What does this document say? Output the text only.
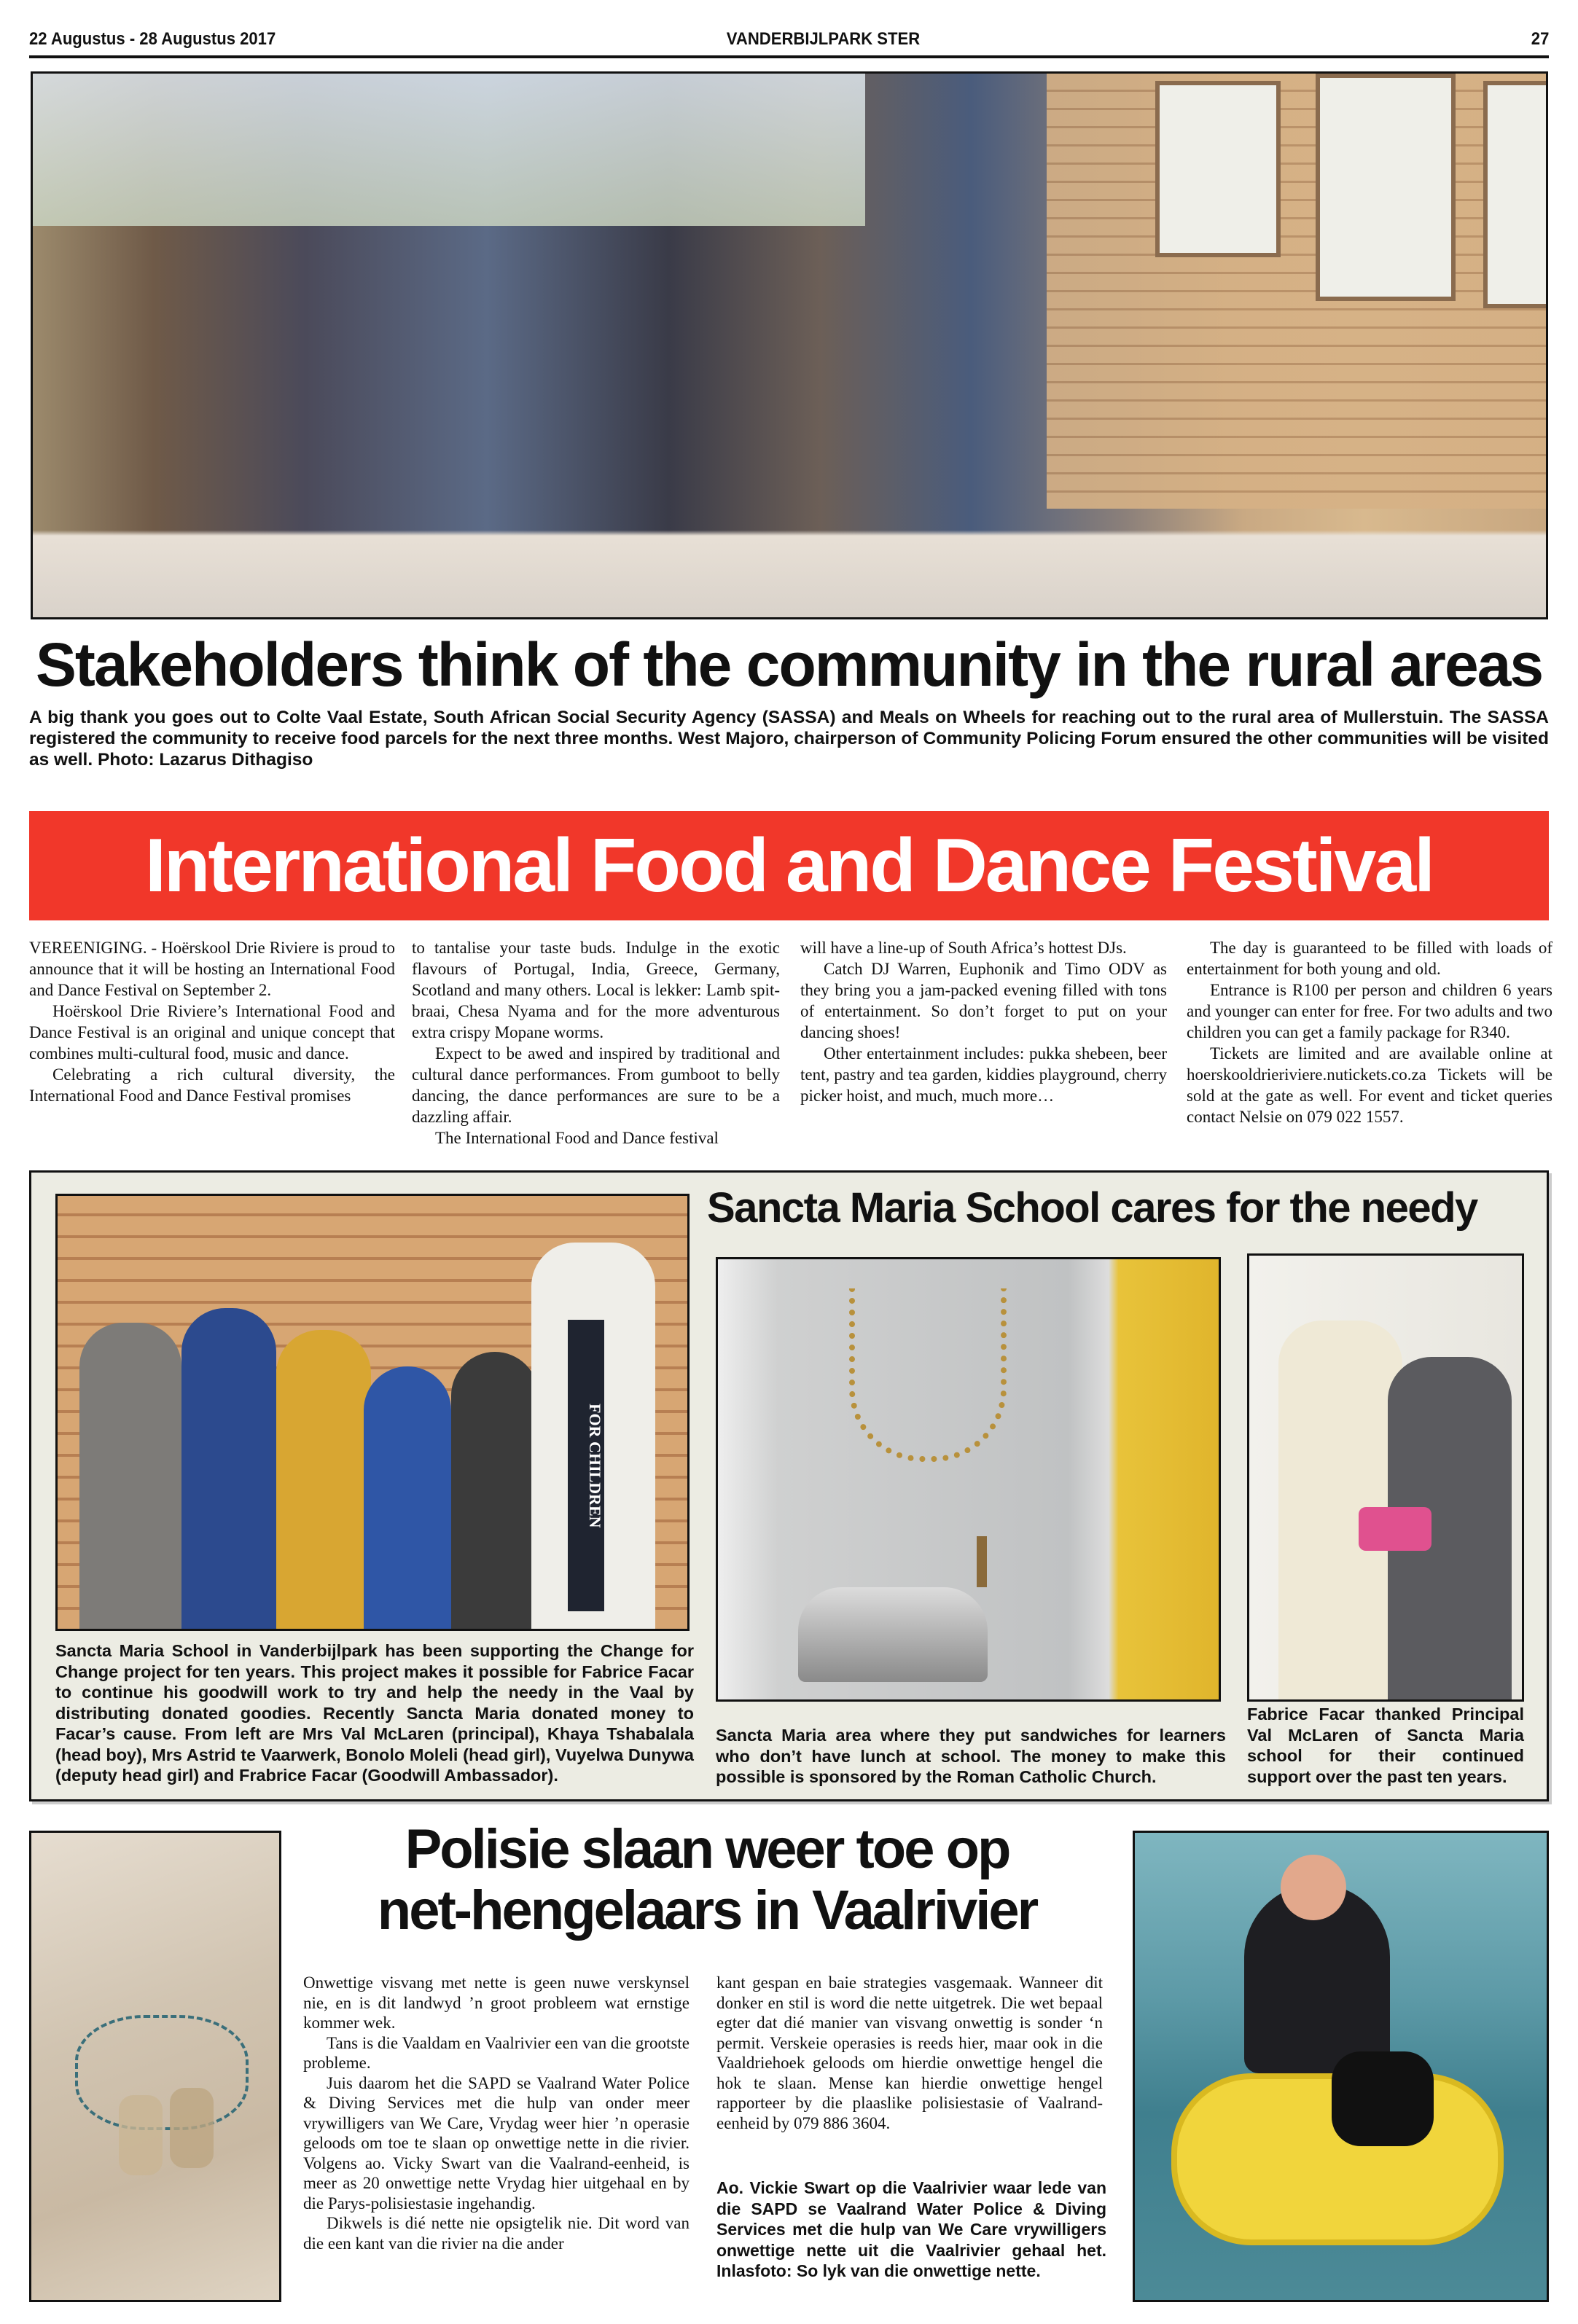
22 Augustus - 28 Augustus 2017	VANDERBIJLPARK STER	27
Stakeholders think of the community in the rural areas
A big thank you goes out to Colte Vaal Estate, South African Social Security Agency (SASSA) and Meals on Wheels for reaching out to the rural area of Mullerstuin. The SASSA registered the community to receive food parcels for the next three months. West Majoro, chairperson of Community Policing Forum ensured the other communities will be visited as well. Photo: Lazarus Dithagiso
International Food and Dance Festival

VEREENIGING. - Hoërskool Drie Riviere is proud to announce that it will be hosting an International Food and Dance Festival on September 2.

Hoërskool Drie Riviere’s International Food and Dance Festival is an original and unique concept that combines multi-cultural food, music and dance.

Celebrating a rich cultural diversity, the International Food and Dance Festival promises

to tantalise your taste buds. Indulge in the exotic flavours of Portugal, India, Greece, Germany, Scotland and many others. Local is lekker: Lamb spit-braai, Chesa Nyama and for the more adventurous extra crispy Mopane worms.

Expect to be awed and inspired by traditional and cultural dance performances. From gumboot to belly dancing, the dance performances are sure to be a dazzling affair.

The International Food and Dance festival

will have a line-up of South Africa’s hottest DJs.

Catch DJ Warren, Euphonik and Timo ODV as they bring you a jam-packed evening filled with tons of entertainment. So don’t forget to put on your dancing shoes!

Other entertainment includes: pukka shebeen, beer tent, pastry and tea garden, kiddies playground, cherry picker hoist, and much, much more…

The day is guaranteed to be filled with loads of entertainment for both young and old.

Entrance is R100 per person and children 6 years and younger can enter for free. For two adults and two children you can get a family package for R340.

Tickets are limited and are available online at hoerskooldrieriviere.nutickets.co.za Tickets will be sold at the gate as well. For event and ticket queries contact Nelsie on 079 022 1557.

Sancta Maria School cares for the needy
FOR CHILDREN
Sancta Maria School in Vanderbijlpark has been supporting the Change for Change project for ten years. This project makes it possible for Fabrice Facar to continue his goodwill work to try and help the needy in the Vaal by distributing donated goodies. Recently Sancta Maria donated money to Facar’s cause. From left are Mrs Val McLaren (principal), Khaya Tshabalala (head boy), Mrs Astrid te Vaarwerk, Bonolo Moleli (head girl), Vuyelwa Dunywa (deputy head girl) and Frabrice Facar (Goodwill Ambassador).
Sancta Maria area where they put sandwiches for learners who don’t have lunch at school. The money to make this possible is sponsored by the Roman Catholic Church.
Fabrice Facar thanked Principal Val McLaren of Sancta Maria school for their continued support over the past ten years.
Polisie slaan weer toe op
net-hengelaars in Vaalrivier

Onwettige visvang met nette is geen nuwe verskynsel nie, en is dit landwyd ’n groot probleem wat ernstige kommer wek.

Tans is die Vaaldam en Vaalrivier een van die grootste probleme.

Juis daarom het die SAPD se Vaalrand Water Police & Diving Services met die hulp van onder meer vrywilligers van We Care, Vrydag weer hier ’n operasie geloods om toe te slaan op onwettige nette in die rivier. Volgens ao. Vicky Swart van die Vaalrand-eenheid, is meer as 20 onwettige nette Vrydag hier uitgehaal en by die Parys-polisiestasie ingehandig.

Dikwels is dié nette nie opsigtelik nie. Dit word van die een kant van die rivier na die ander

kant gespan en baie strategies vasgemaak. Wanneer dit donker en stil is word die nette uitgetrek. Die wet bepaal egter dat dié manier van visvang onwettig is sonder ‘n permit. Verskeie operasies is reeds hier, maar ook in die Vaaldriehoek geloods om hierdie onwettige hengel die hok te slaan. Mense kan hierdie onwettige hengel rapporteer by die plaaslike polisiestasie of Vaalrand-eenheid by 079 886 3604.

Ao. Vickie Swart op die Vaalrivier waar lede van die SAPD se Vaalrand Water Police & Diving Services met die hulp van We Care vrywilligers onwettige nette uit die Vaalrivier gehaal het. Inlasfoto: So lyk van die onwettige nette.
